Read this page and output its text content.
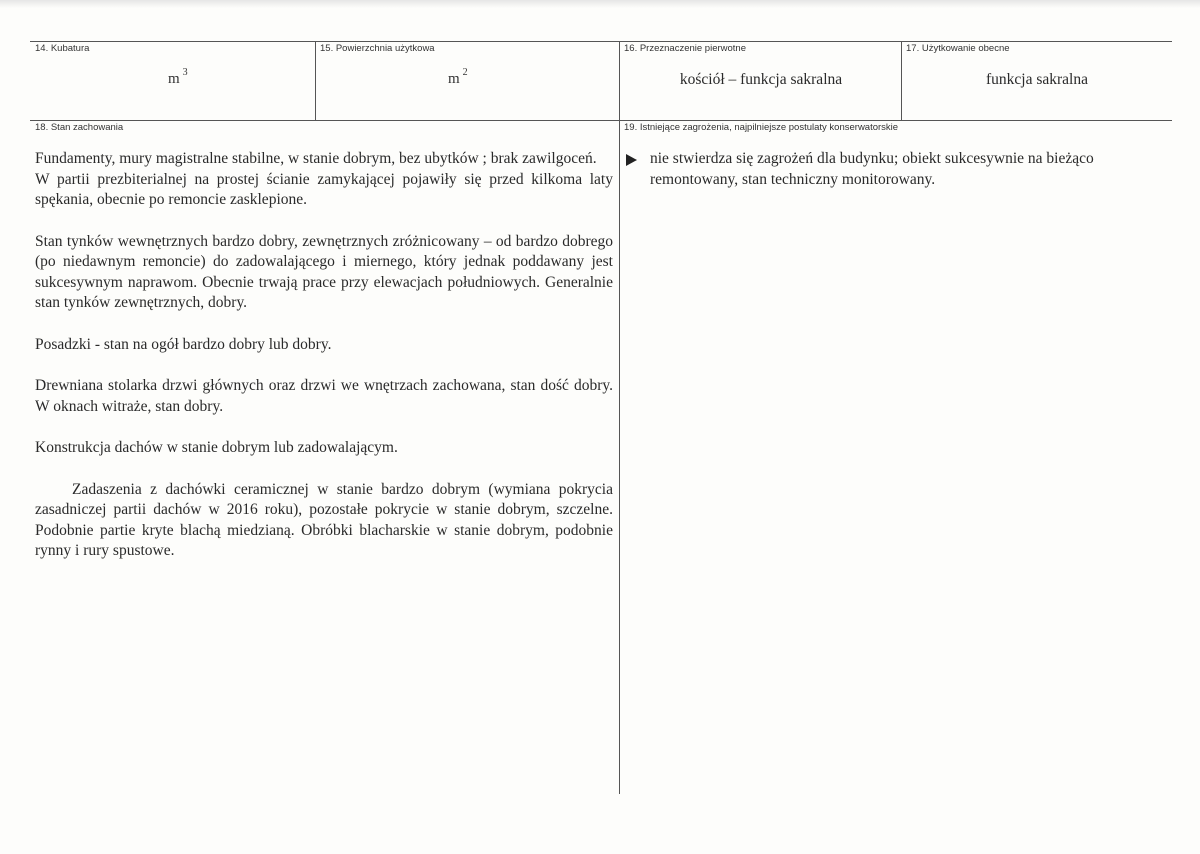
14. Kubatura
m $^3$
15. Powierzchnia użytkowa
m $^2$
16. Przeznaczenie pierwotne
kościół – funkcja sakralna
17. Użytkowanie obecne
funkcja sakralna
18. Stan zachowania

Fundamenty, mury magistralne stabilne, w stanie dobrym, bez ubytków ; brak zawilgoceń.

W partii prezbiterialnej na prostej ścianie zamykającej pojawiły się przed kilkoma laty spękania, obecnie po remoncie zasklepione.

Stan tynków wewnętrznych bardzo dobry, zewnętrznych zróżnicowany – od bardzo dobrego (po niedawnym remoncie) do zadowalającego i miernego, który jednak poddawany jest sukcesywnym naprawom. Obecnie trwają prace przy elewacjach południowych. Generalnie stan tynków zewnętrznych, dobry.

Posadzki - stan na ogół bardzo dobry lub dobry.

Drewniana stolarka drzwi głównych oraz drzwi we wnętrzach zachowana, stan dość dobry. W oknach witraże, stan dobry.

Konstrukcja dachów w stanie dobrym lub zadowalającym.

Zadaszenia z dachówki ceramicznej w stanie bardzo dobrym (wymiana pokrycia zasadniczej partii dachów w 2016 roku), pozostałe pokrycie w stanie dobrym, szczelne. Podobnie partie kryte blachą miedzianą. Obróbki blacharskie w stanie dobrym, podobnie rynny i rury spustowe.

19. Istniejące zagrożenia, najpilniejsze postulaty konserwatorskie
nie stwierdza się zagrożeń dla budynku; obiekt sukcesywnie na bieżąco remontowany, stan techniczny monitorowany.
